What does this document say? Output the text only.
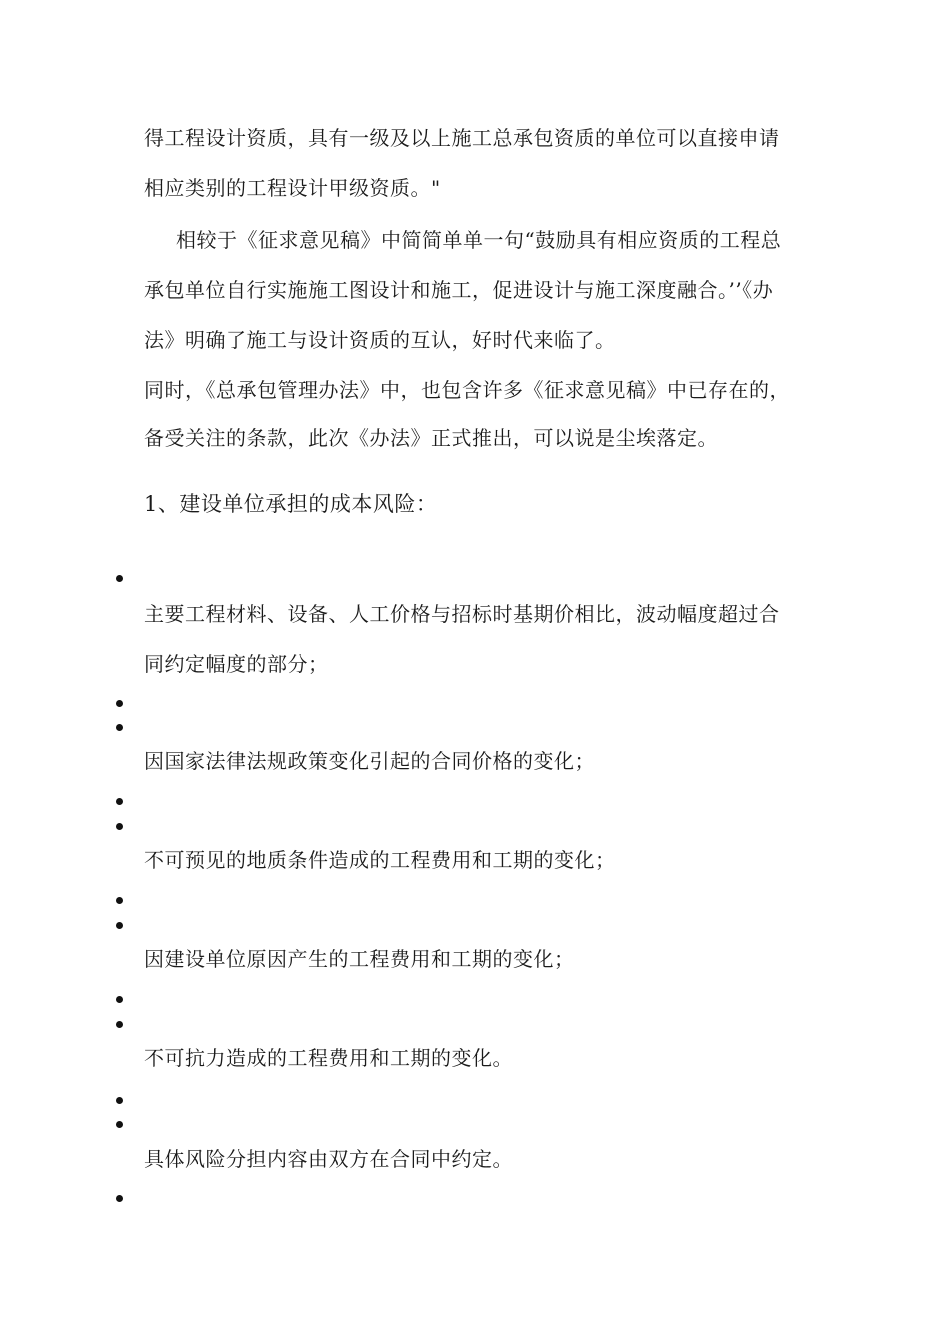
得工程设计资质，具有一级及以上施工总承包资质的单位可以直接申请
相应类别的工程设计甲级资质。"
相较于《征求意见稿》中简简单单一句“鼓励具有相应资质的工程总
承包单位自行实施施工图设计和施工，促进设计与施工深度融合。’’《办
法》明确了施工与设计资质的互认，好时代来临了。
同时，《总承包管理办法》中，也包含许多《征求意见稿》中已存在的，
备受关注的条款，此次《办法》正式推出，可以说是尘埃落定。
1、建设单位承担的成本风险：
主要工程材料、设备、人工价格与招标时基期价相比，波动幅度超过合
同约定幅度的部分；
因国家法律法规政策变化引起的合同价格的变化；
不可预见的地质条件造成的工程费用和工期的变化；
因建设单位原因产生的工程费用和工期的变化；
不可抗力造成的工程费用和工期的变化。
具体风险分担内容由双方在合同中约定。
